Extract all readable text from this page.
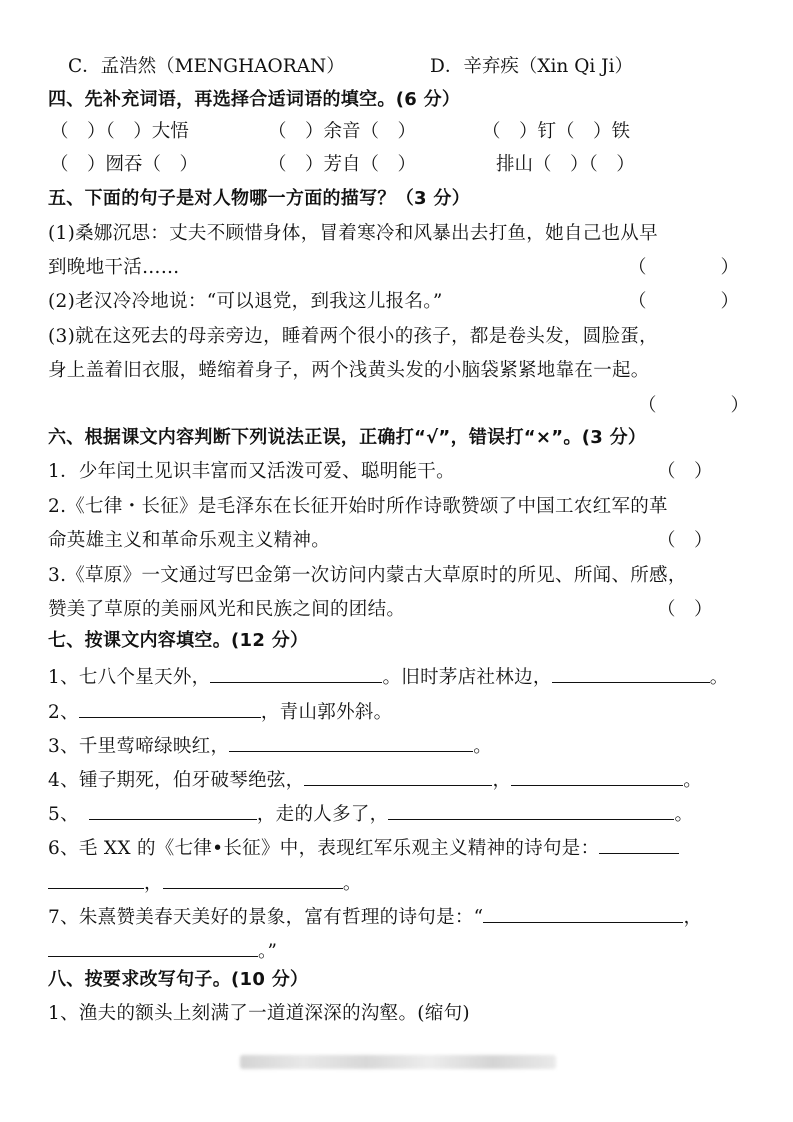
C．孟浩然（MENGHAORAN）	D．辛弃疾（Xin Qi Ji）
四、先补充词语，再选择合适词语的填空。(6 分）
（　）（　）大悟	（　）余音（　）	（　）钉（　）铁
（　）囫吞（　）	（　）芳自（　）	排山（　）（　）
五、下面的句子是对人物哪一方面的描写？（3 分）
(1)桑娜沉思：丈夫不顾惜身体，冒着寒冷和风暴出去打鱼，她自己也从早
到晚地干活……	（　　　　）
(2)老汉冷冷地说：“可以退党，到我这儿报名。”	（　　　　）
(3)就在这死去的母亲旁边，睡着两个很小的孩子，都是卷头发，圆脸蛋，
身上盖着旧衣服，蜷缩着身子，两个浅黄头发的小脑袋紧紧地靠在一起。
（　　　　）
六、根据课文内容判断下列说法正误，正确打“√”，错误打“×”。(3 分）
1．少年闰土见识丰富而又活泼可爱、聪明能干。	（　）
2.《七律・长征》是毛泽东在长征开始时所作诗歌赞颂了中国工农红军的革
命英雄主义和革命乐观主义精神。	（　）
3.《草原》一文通过写巴金第一次访问内蒙古大草原时的所见、所闻、所感，
赞美了草原的美丽风光和民族之间的团结。	（　）
七、按课文内容填空。(12 分）
1、七八个星天外，	。旧时茅店社林边，	。
2、	，青山郭外斜。
3、千里莺啼绿映红，	。
4、锺子期死，伯牙破琴绝弦，	，	。
5、	，走的人多了，	。
6、毛 XX 的《七律•长征》中，表现红军乐观主义精神的诗句是：
，	。
7、朱熹赞美春天美好的景象，富有哲理的诗句是：“	，
。”
八、按要求改写句子。(10 分）
1、渔夫的额头上刻满了一道道深深的沟壑。(缩句)
